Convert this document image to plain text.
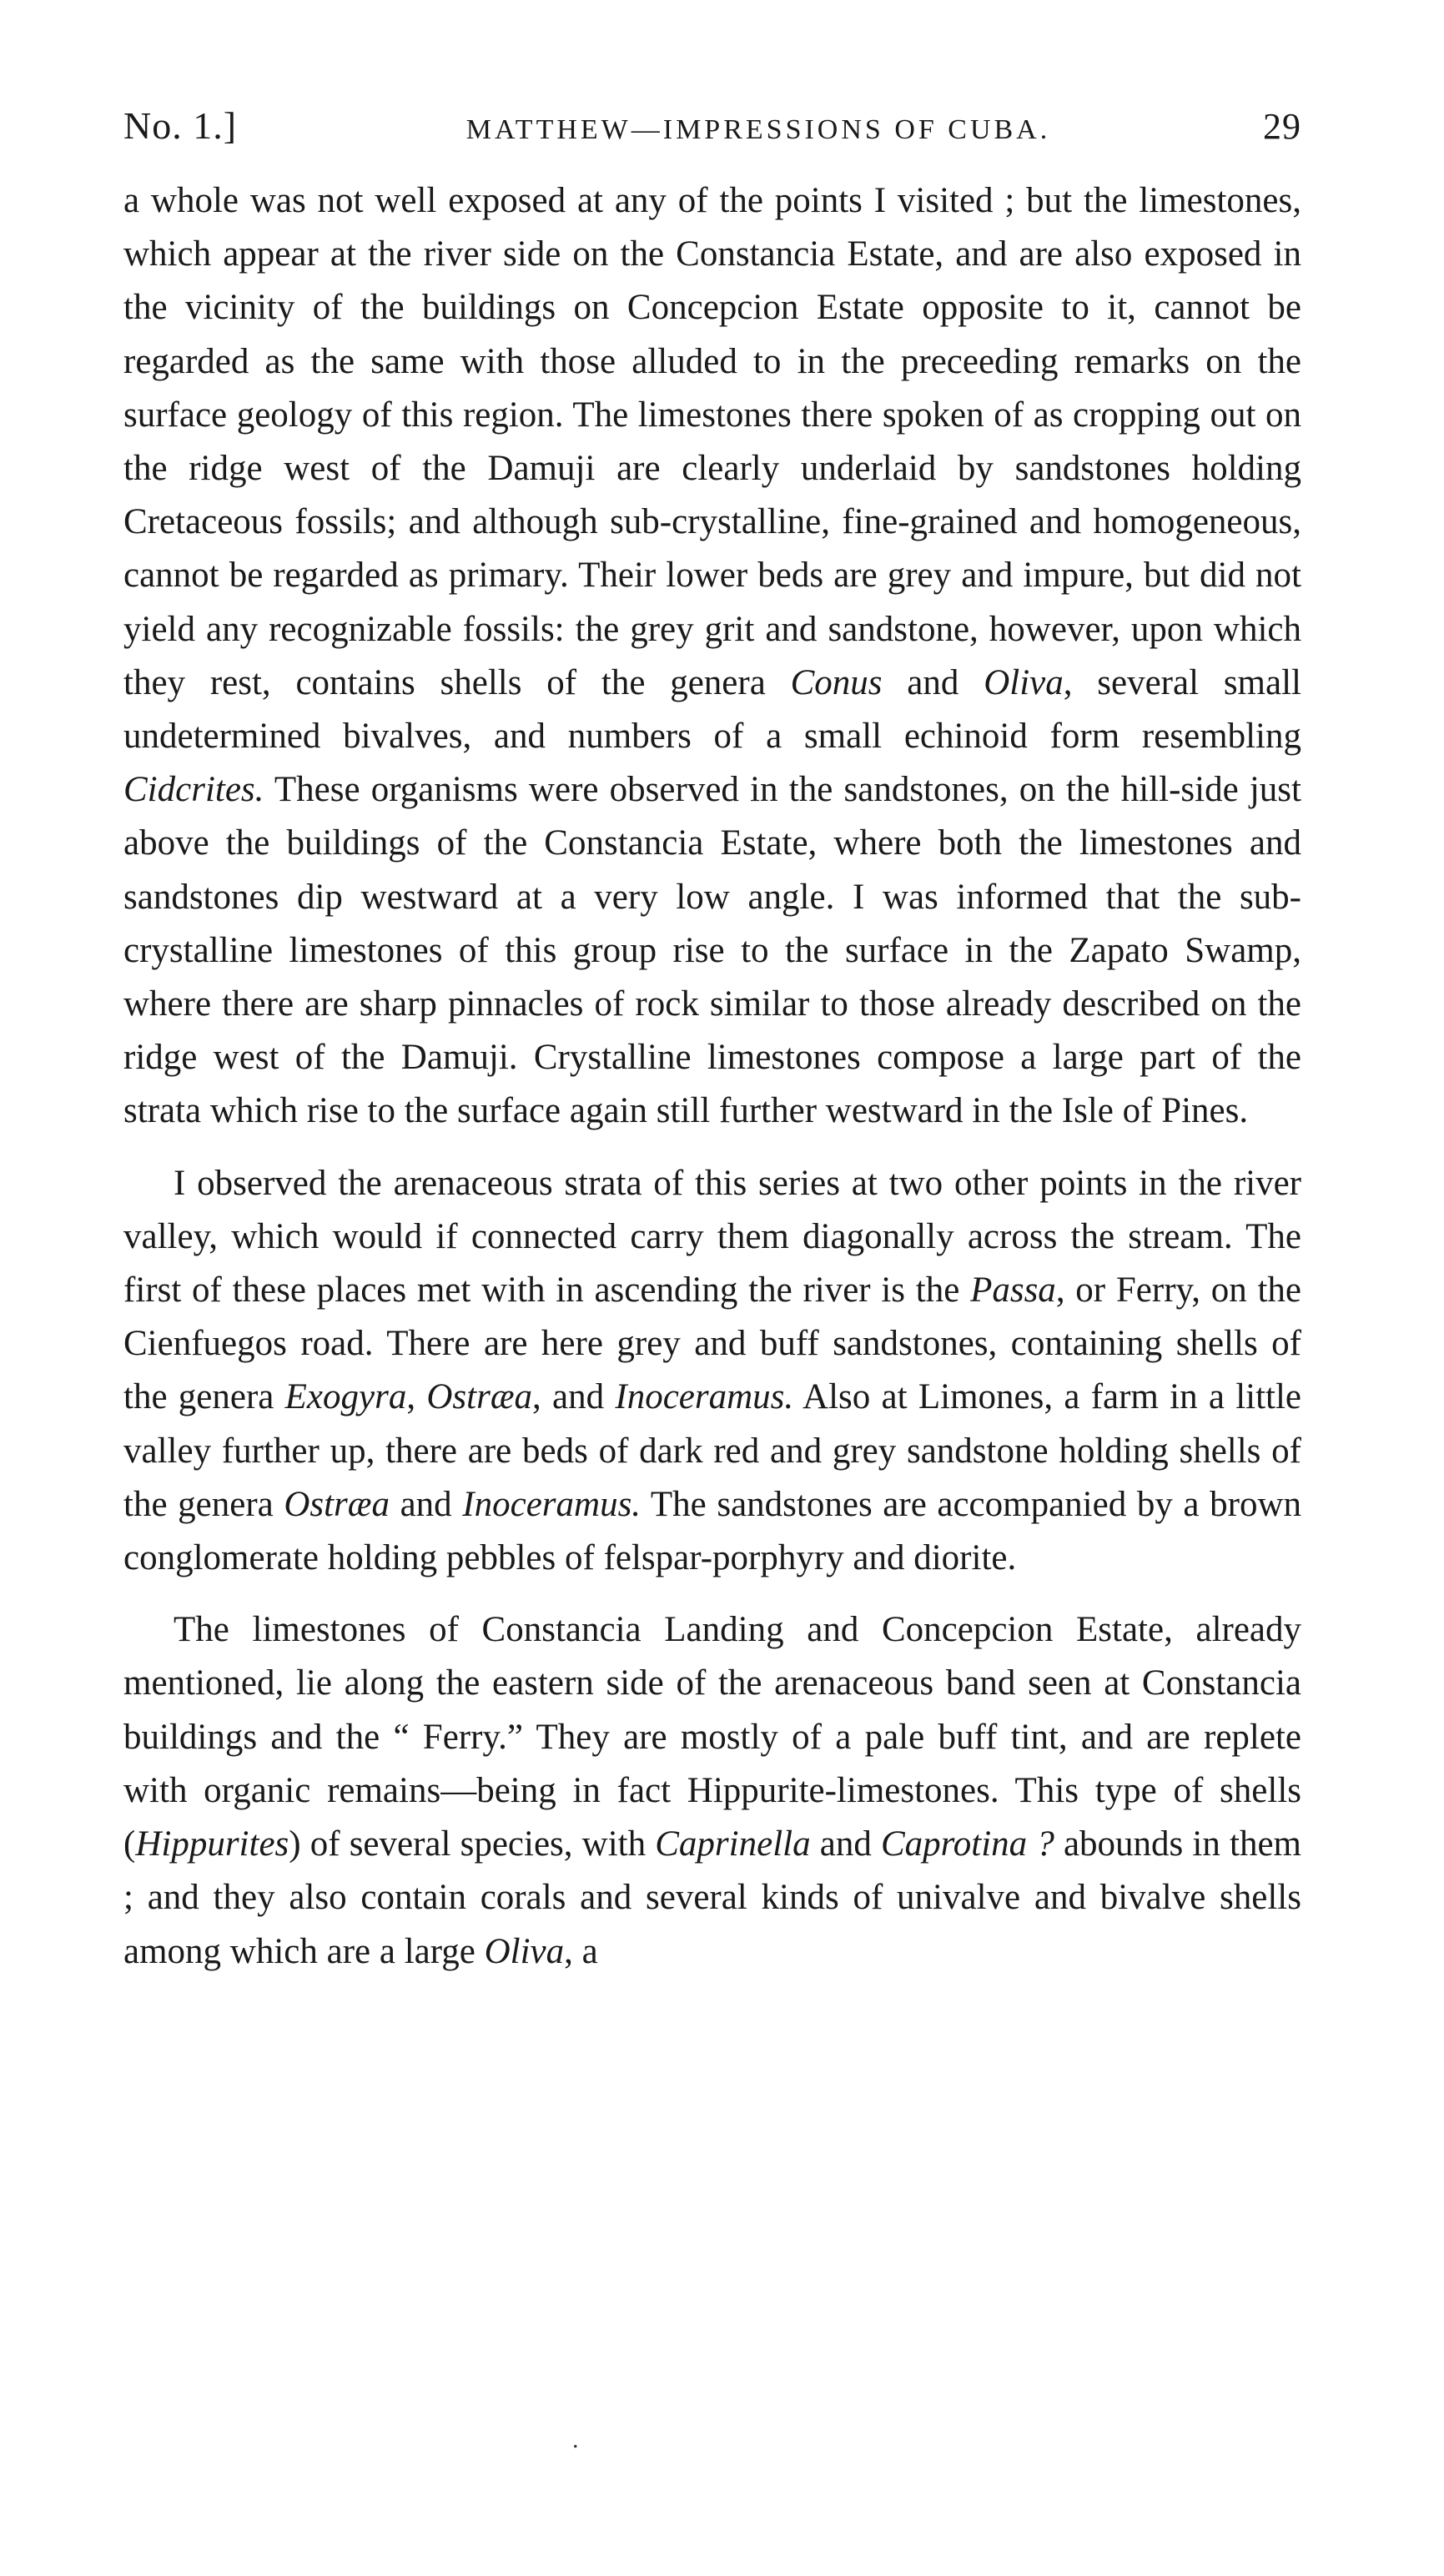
No. 1.]	MATTHEW—IMPRESSIONS OF CUBA.	29

a whole was not well exposed at any of the points I visited ; but the limestones, which appear at the river side on the Constancia Estate, and are also exposed in the vicinity of the buildings on Concepcion Estate opposite to it, cannot be regarded as the same with those alluded to in the preceeding remarks on the surface geology of this region. The limestones there spoken of as cropping out on the ridge west of the Damuji are clearly underlaid by sandstones holding Cretaceous fossils; and although sub-crystalline, fine-grained and homogeneous, cannot be regarded as primary. Their lower beds are grey and impure, but did not yield any recognizable fossils: the grey grit and sandstone, however, upon which they rest, contains shells of the genera Conus and Oliva, several small undetermined bivalves, and numbers of a small echinoid form resembling Cidcrites. These organisms were observed in the sandstones, on the hill-side just above the buildings of the Constancia Estate, where both the limestones and sandstones dip westward at a very low angle. I was informed that the sub-crystalline limestones of this group rise to the surface in the Zapato Swamp, where there are sharp pinnacles of rock similar to those already described on the ridge west of the Damuji. Crystalline limestones compose a large part of the strata which rise to the surface again still further westward in the Isle of Pines.

I observed the arenaceous strata of this series at two other points in the river valley, which would if connected carry them diagonally across the stream. The first of these places met with in ascending the river is the Passa, or Ferry, on the Cienfuegos road. There are here grey and buff sandstones, containing shells of the genera Exogyra, Ostræa, and Inoceramus. Also at Limones, a farm in a little valley further up, there are beds of dark red and grey sandstone holding shells of the genera Ostræa and Inoceramus. The sandstones are accompanied by a brown conglomerate holding pebbles of felspar-porphyry and diorite.

The limestones of Constancia Landing and Concepcion Estate, already mentioned, lie along the eastern side of the arenaceous band seen at Constancia buildings and the “ Ferry.” They are mostly of a pale buff tint, and are replete with organic remains—being in fact Hippurite-limestones. This type of shells (Hippurites) of several species, with Caprinella and Caprotina ? abounds in them ; and they also contain corals and several kinds of univalve and bivalve shells among which are a large Oliva, a

.
